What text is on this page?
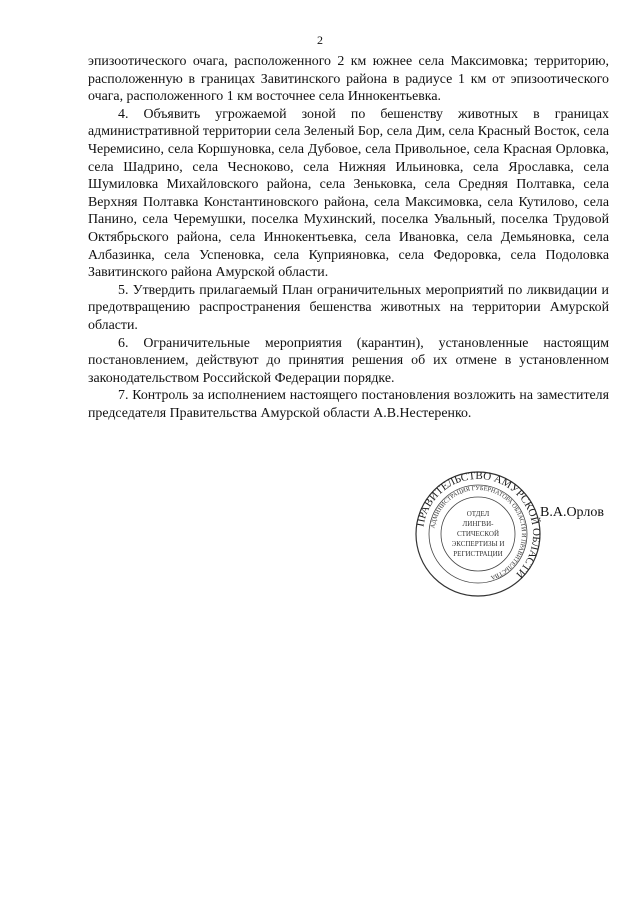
2

эпизоотического очага, расположенного 2 км южнее села Максимовка; территорию, расположенную в границах Завитинского района в радиусе 1 км от эпизоотического очага, расположенного 1 км восточнее села Иннокентьевка.

4. Объявить угрожаемой зоной по бешенству животных в границах административной территории села Зеленый Бор, села Дим, села Красный Восток, села Черемисино, села Коршуновка, села Дубовое, села Привольное, села Красная Орловка, села Шадрино, села Чесноково, села Нижняя Ильиновка, села Ярославка, села Шумиловка Михайловского района, села Зеньковка, села Средняя Полтавка, села Верхняя Полтавка Константиновского района, села Максимовка, села Кутилово, села Панино, села Черемушки, поселка Мухинский, поселка Увальный, поселка Трудовой Октябрьского района, села Иннокентьевка, села Ивановка, села Демьяновка, села Албазинка, села Успеновка, села Куприяновка, села Федоровка, села Подоловка Завитинского района Амурской области.

5. Утвердить прилагаемый План ограничительных мероприятий по ликвидации и предотвращению распространения бешенства животных на территории Амурской области.

6. Ограничительные мероприятия (карантин), установленные настоящим постановлением, действуют до принятия решения об их отмене в установленном законодательством Российской Федерации порядке.

7. Контроль за исполнением настоящего постановления возложить на заместителя председателя Правительства Амурской области А.В.Нестеренко.

ПРАВИТЕЛЬСТВО АМУРСКОЙ ОБЛАСТИ
АДМИНИСТРАЦИЯ ГУБЕРНАТОРА ОБЛАСТИ И ПРАВИТЕЛЬСТВА
ОТДЕЛ
ЛИНГВИ-
СТИЧЕСКОЙ
ЭКСПЕРТИЗЫ И
РЕГИСТРАЦИИ
В.А.Орлов
